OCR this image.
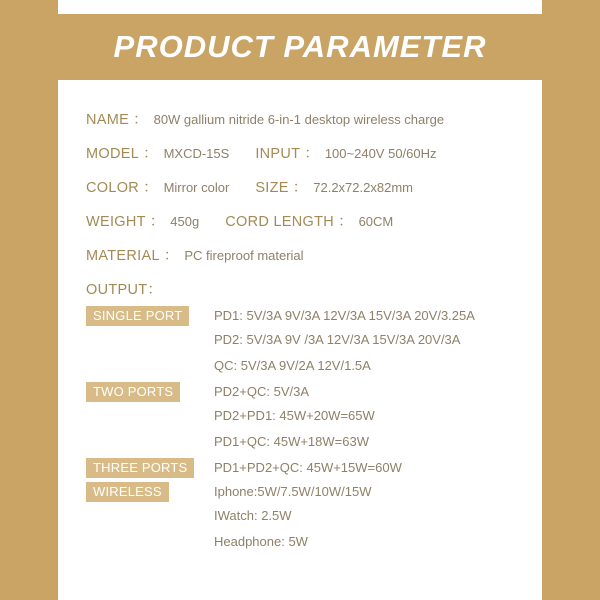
PRODUCT PARAMETER
NAME ： 80W gallium nitride 6-in-1 desktop wireless charge
MODEL ： MXCD-15S INPUT ： 100~240V 50/60Hz
COLOR ： Mirror color SIZE ： 72.2x72.2x82mm
WEIGHT ： 450g CORD LENGTH ： 60CM
MATERIAL ： PC fireproof material
OUTPUT：
SINGLE PORT	PD1: 5V/3A 9V/3A 12V/3A 15V/3A 20V/3.25A
PD2: 5V/3A 9V /3A 12V/3A 15V/3A 20V/3A
QC: 5V/3A 9V/2A 12V/1.5A
TWO PORTS	PD2+QC: 5V/3A
PD2+PD1: 45W+20W=65W
PD1+QC: 45W+18W=63W
THREE PORTS	PD1+PD2+QC: 45W+15W=60W
WIRELESS	Iphone:5W/7.5W/10W/15W
IWatch: 2.5W
Headphone: 5W
